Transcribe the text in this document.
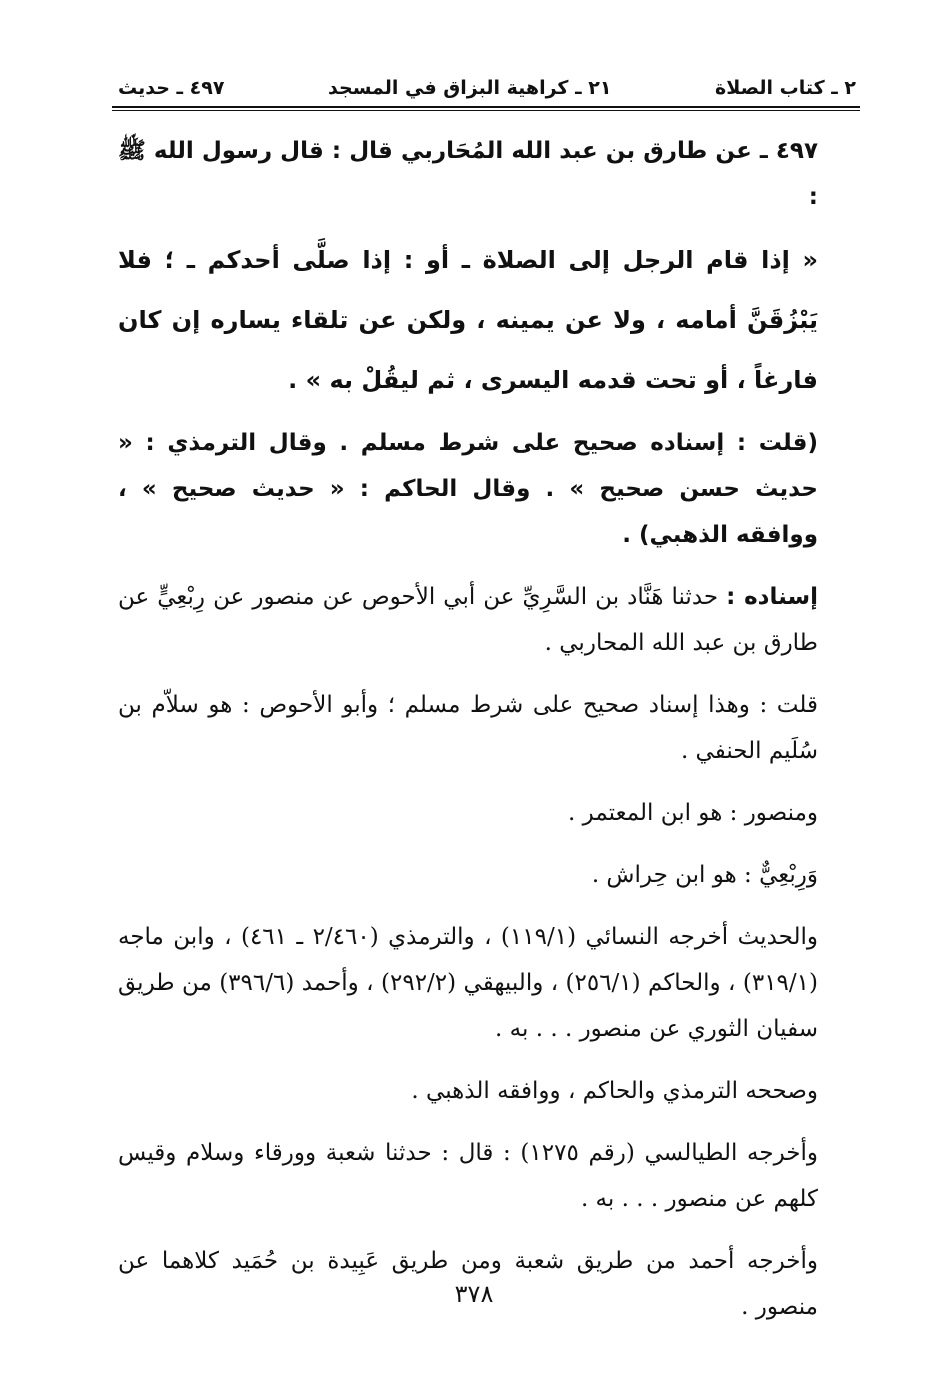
٢ ـ كتاب الصلاة
٢١ ـ كراهية البزاق في المسجد
٤٩٧ ـ حديث

٤٩٧ ـ عن طارق بن عبد الله المُحَاربي قال : قال رسول الله ﷺ :

« إذا قام الرجل إلى الصلاة ـ أو : إذا صلَّى أحدكم ـ ؛ فلا يَبْزُقَنَّ أمامه ، ولا عن يمينه ، ولكن عن تلقاء يساره إن كان فارغاً ، أو تحت قدمه اليسرى ، ثم ليقُلْ به » .

(قلت : إسناده صحيح على شرط مسلم . وقال الترمذي : « حديث حسن صحيح » . وقال الحاكم : « حديث صحيح » ، ووافقه الذهبي) .

إسناده : حدثنا هَنَّاد بن السَّرِيِّ عن أبي الأحوص عن منصور عن رِبْعِيٍّ عن طارق بن عبد الله المحاربي .

قلت : وهذا إسناد صحيح على شرط مسلم ؛ وأبو الأحوص : هو سلاّم بن سُلَيم الحنفي .

ومنصور : هو ابن المعتمر .

وَرِبْعِيٌّ : هو ابن حِراش .

والحديث أخرجه النسائي (١١٩/١) ، والترمذي (٢/٤٦٠ ـ ٤٦١) ، وابن ماجه (٣١٩/١) ، والحاكم (٢٥٦/١) ، والبيهقي (٢٩٢/٢) ، وأحمد (٣٩٦/٦) من طريق سفيان الثوري عن منصور . . . به .

وصححه الترمذي والحاكم ، ووافقه الذهبي .

وأخرجه الطيالسي (رقم ١٢٧٥) : قال : حدثنا شعبة وورقاء وسلام وقيس كلهم عن منصور . . . به .

وأخرجه أحمد من طريق شعبة ومن طريق عَبِيدة بن حُمَيد كلاهما عن منصور .

٣٧٨
